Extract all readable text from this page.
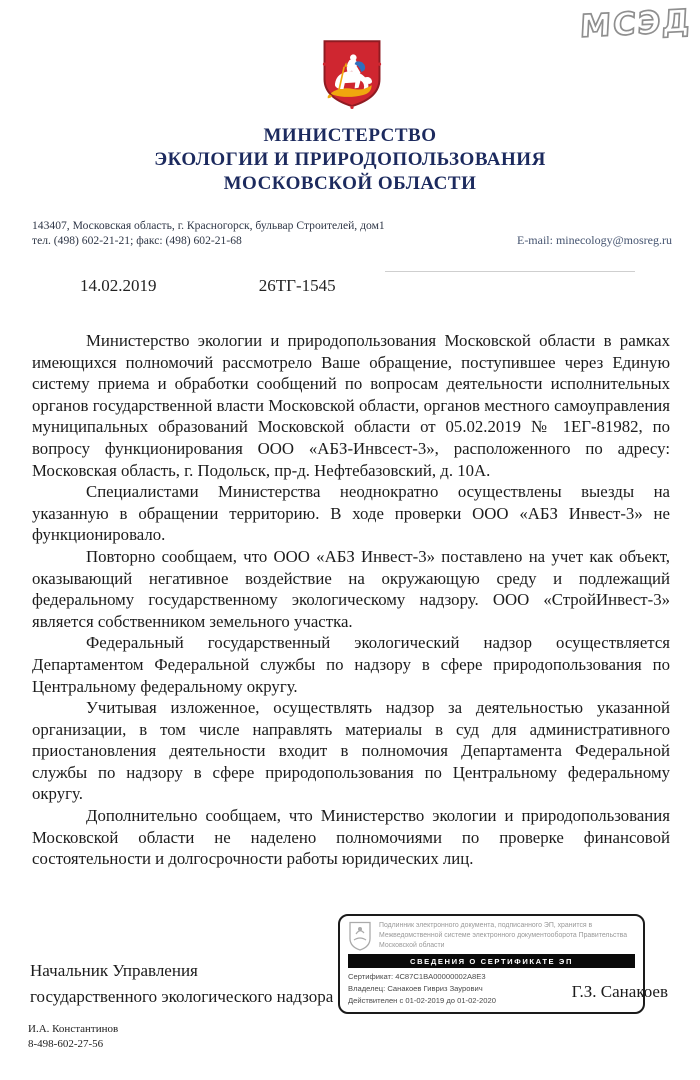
МСЭД
МИНИСТЕРСТВО
ЭКОЛОГИИ И ПРИРОДОПОЛЬЗОВАНИЯ
МОСКОВСКОЙ ОБЛАСТИ
143407, Московская область, г. Красногорск, бульвар Строителей, дом1
тел. (498) 602-21-21; факс: (498) 602-21-68	E-mail: minecology@mosreg.ru
14.02.2019	26ТГ-1545

Министерство экологии и природопользования Московской области в рамках имеющихся полномочий рассмотрело Ваше обращение, поступившее через Единую систему приема и обработки сообщений по вопросам деятельности исполнительных органов государственной власти Московской области, органов местного самоуправления муниципальных образований Московской области от 05.02.2019 № 1ЕГ-81982, по вопросу функционирования ООО «АБЗ-Инвсест-3», расположенного по адресу: Московская область, г. Подольск, пр-д. Нефтебазовский, д. 10А.

Специалистами Министерства неоднократно осуществлены выезды на указанную в обращении территорию. В ходе проверки ООО «АБЗ Инвест-3» не функционировало.

Повторно сообщаем, что ООО «АБЗ Инвест-3» поставлено на учет как объект, оказывающий негативное воздействие на окружающую среду и подлежащий федеральному государственному экологическому надзору. ООО «СтройИнвест-3» является собственником земельного участка.

Федеральный государственный экологический надзор осуществляется Департаментом Федеральной службы по надзору в сфере природопользования по Центральному федеральному округу.

Учитывая изложенное, осуществлять надзор за деятельностью указанной организации, в том числе направлять материалы в суд для административного приостановления деятельности входит в полномочия Департамента Федеральной службы по надзору в сфере природопользования по Центральному федеральному округу.

Дополнительно сообщаем, что Министерство экологии и природопользования Московской области не наделено полномочиями по проверке финансовой состоятельности и долгосрочности работы юридических лиц.

Подлинник электронного документа, подписанного ЭП, хранится в Межведомственной системе электронного документооборота Правительства Московской области
СВЕДЕНИЯ О СЕРТИФИКАТЕ ЭП
Сертификат: 4C87C1BA00000002A8E3
Владелец: Санакоев Гивриз Заурович
Действителен с 01-02-2019 до 01-02-2020
Начальник Управления
государственного экологического надзора	Г.З. Санакоев
И.А. Константинов
8-498-602-27-56
